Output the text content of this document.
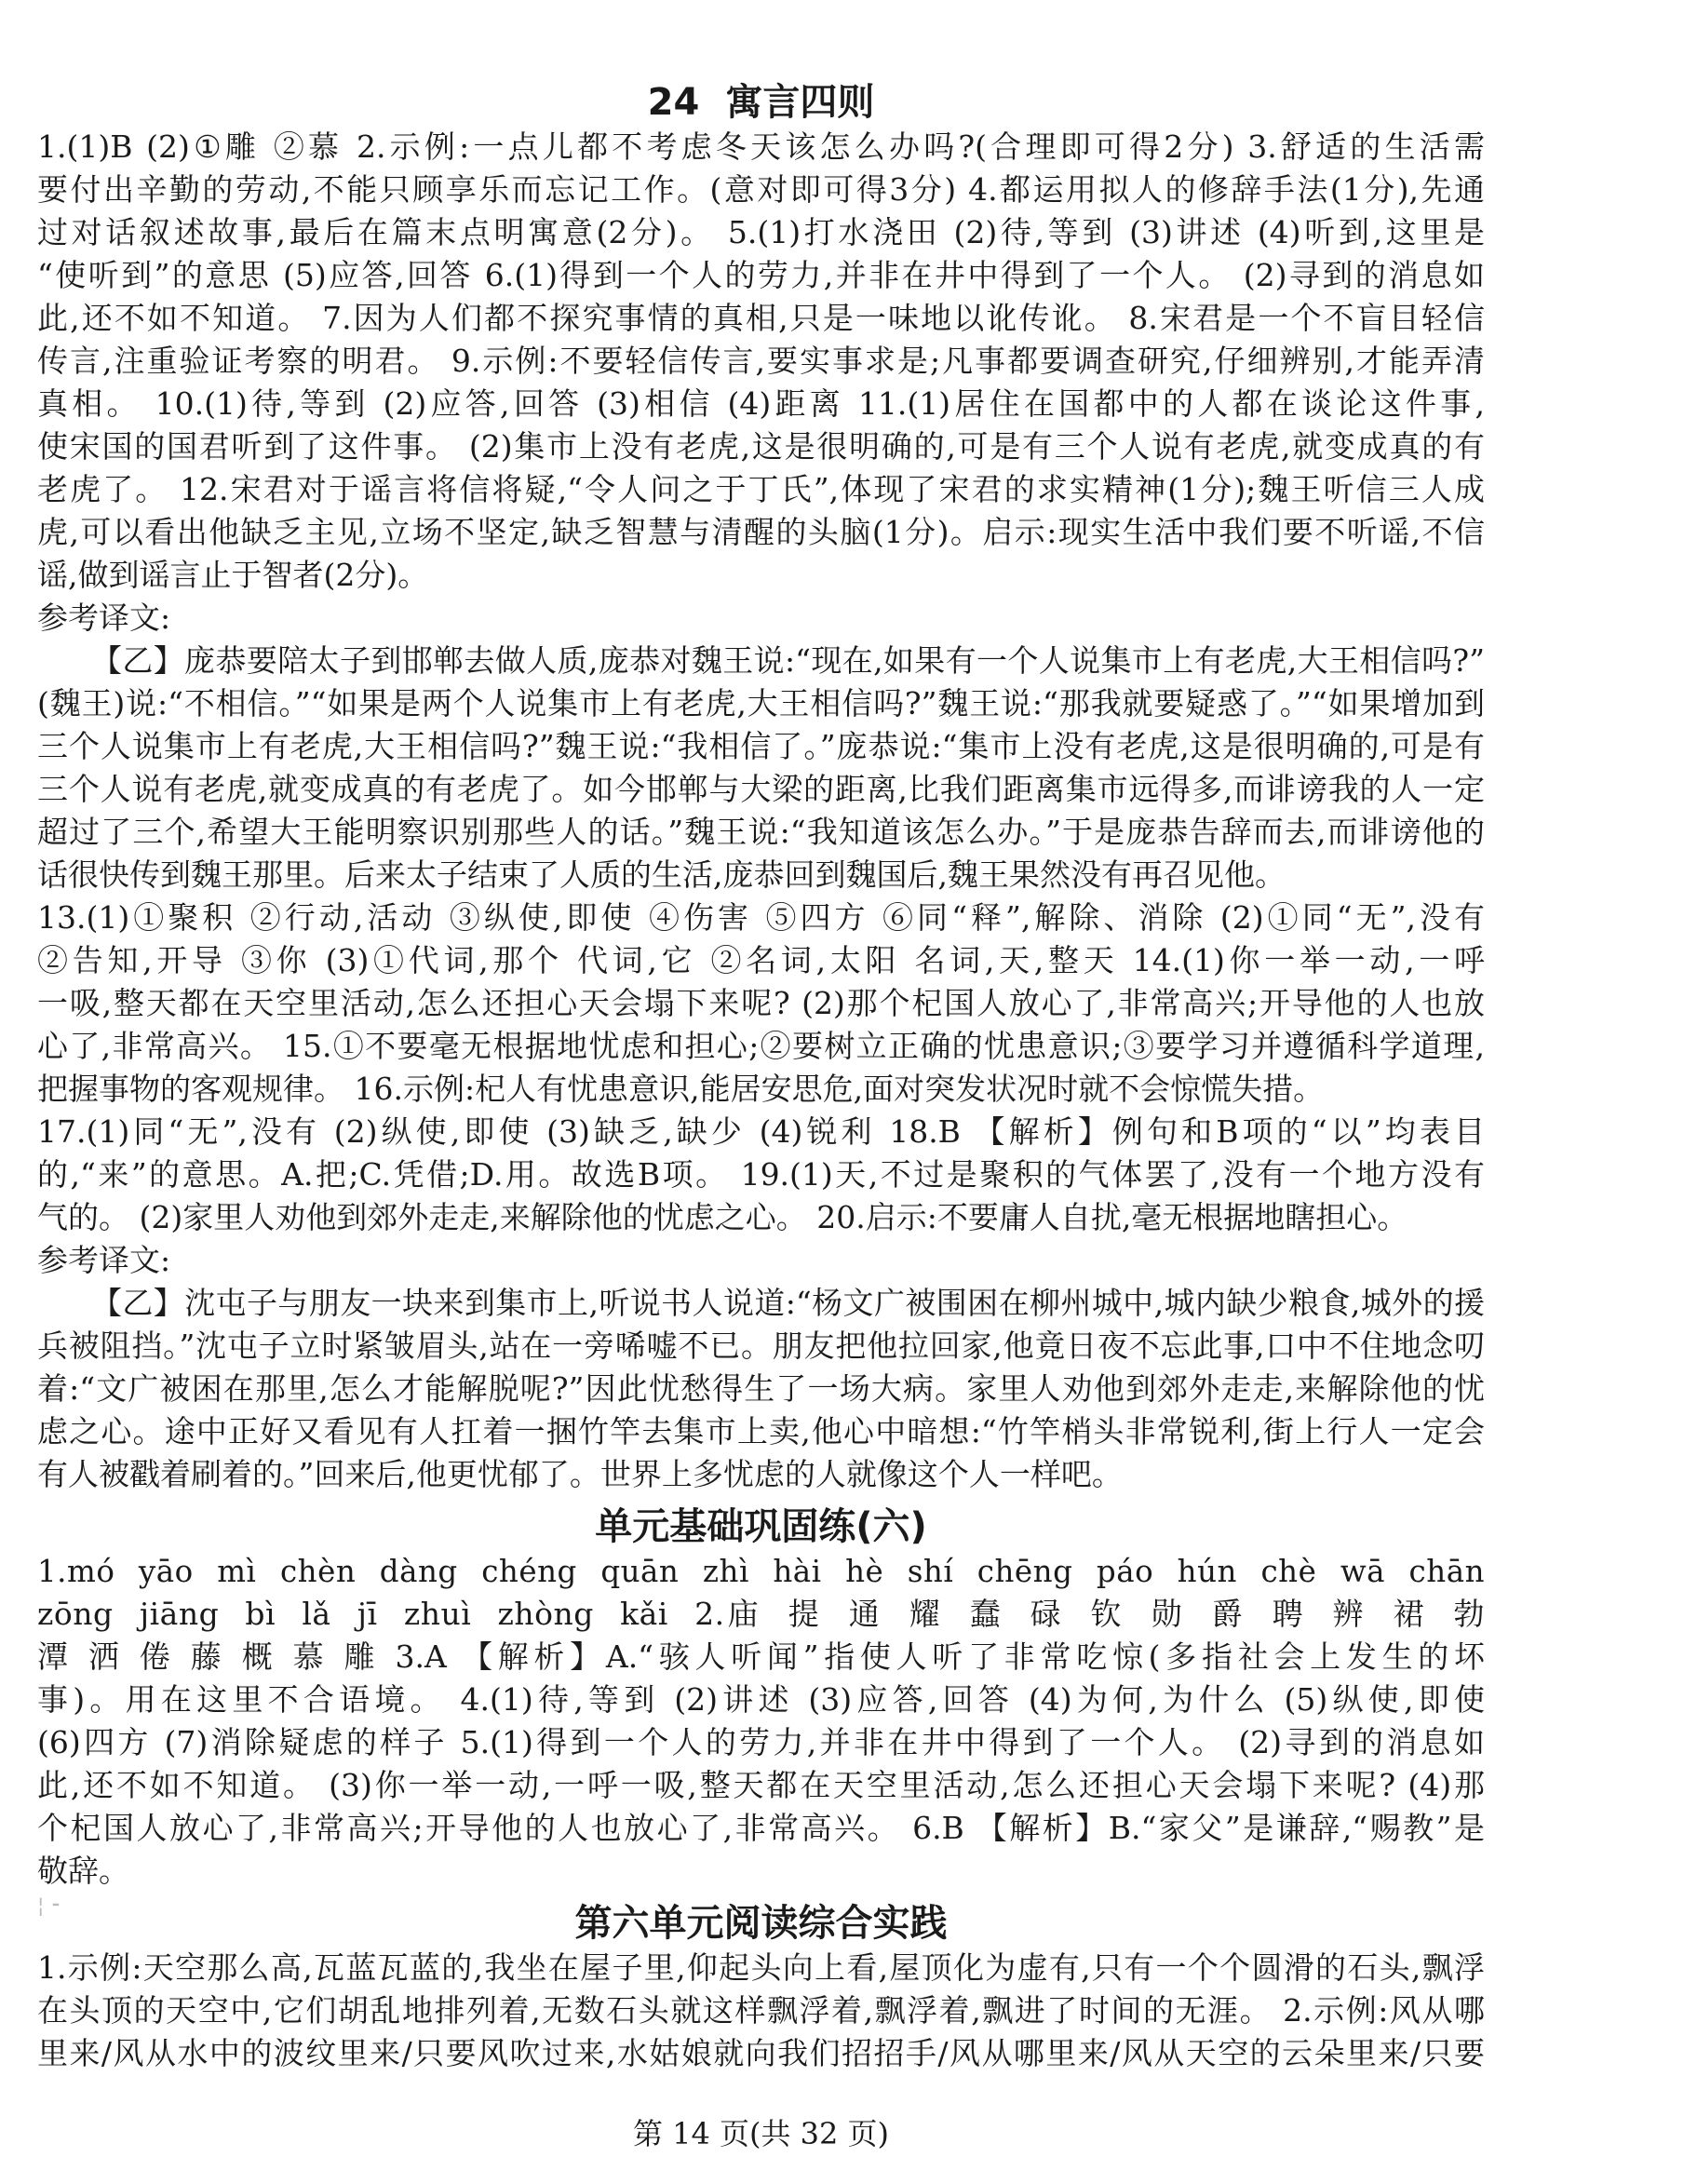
24 寓言四则

1.(1)B (2)①雕 ②慕 2.示例:一点儿都不考虑冬天该怎么办吗?(合理即可得2分) 3.舒适的生活需

要付出辛勤的劳动,不能只顾享乐而忘记工作。(意对即可得3分) 4.都运用拟人的修辞手法(1分),先通

过对话叙述故事,最后在篇末点明寓意(2分)。 5.(1)打水浇田 (2)待,等到 (3)讲述 (4)听到,这里是

“使听到”的意思 (5)应答,回答 6.(1)得到一个人的劳力,并非在井中得到了一个人。 (2)寻到的消息如

此,还不如不知道。 7.因为人们都不探究事情的真相,只是一味地以讹传讹。 8.宋君是一个不盲目轻信

传言,注重验证考察的明君。 9.示例:不要轻信传言,要实事求是;凡事都要调查研究,仔细辨别,才能弄清

真相。 10.(1)待,等到 (2)应答,回答 (3)相信 (4)距离 11.(1)居住在国都中的人都在谈论这件事,

使宋国的国君听到了这件事。 (2)集市上没有老虎,这是很明确的,可是有三个人说有老虎,就变成真的有

老虎了。 12.宋君对于谣言将信将疑,“令人问之于丁氏”,体现了宋君的求实精神(1分);魏王听信三人成

虎,可以看出他缺乏主见,立场不坚定,缺乏智慧与清醒的头脑(1分)。启示:现实生活中我们要不听谣,不信

谣,做到谣言止于智者(2分)。

参考译文:

【乙】庞恭要陪太子到邯郸去做人质,庞恭对魏王说:“现在,如果有一个人说集市上有老虎,大王相信吗?”

(魏王)说:“不相信。”“如果是两个人说集市上有老虎,大王相信吗?”魏王说:“那我就要疑惑了。”“如果增加到

三个人说集市上有老虎,大王相信吗?”魏王说:“我相信了。”庞恭说:“集市上没有老虎,这是很明确的,可是有

三个人说有老虎,就变成真的有老虎了。如今邯郸与大梁的距离,比我们距离集市远得多,而诽谤我的人一定

超过了三个,希望大王能明察识别那些人的话。”魏王说:“我知道该怎么办。”于是庞恭告辞而去,而诽谤他的

话很快传到魏王那里。后来太子结束了人质的生活,庞恭回到魏国后,魏王果然没有再召见他。

13.(1)①聚积 ②行动,活动 ③纵使,即使 ④伤害 ⑤四方 ⑥同“释”,解除、消除 (2)①同“无”,没有

②告知,开导 ③你 (3)①代词,那个 代词,它 ②名词,太阳 名词,天,整天 14.(1)你一举一动,一呼

一吸,整天都在天空里活动,怎么还担心天会塌下来呢? (2)那个杞国人放心了,非常高兴;开导他的人也放

心了,非常高兴。 15.①不要毫无根据地忧虑和担心;②要树立正确的忧患意识;③要学习并遵循科学道理,

把握事物的客观规律。 16.示例:杞人有忧患意识,能居安思危,面对突发状况时就不会惊慌失措。

17.(1)同“无”,没有 (2)纵使,即使 (3)缺乏,缺少 (4)锐利 18.B 【解析】例句和B项的“以”均表目

的,“来”的意思。A.把;C.凭借;D.用。故选B项。 19.(1)天,不过是聚积的气体罢了,没有一个地方没有

气的。 (2)家里人劝他到郊外走走,来解除他的忧虑之心。 20.启示:不要庸人自扰,毫无根据地瞎担心。

参考译文:

【乙】沈屯子与朋友一块来到集市上,听说书人说道:“杨文广被围困在柳州城中,城内缺少粮食,城外的援

兵被阻挡。”沈屯子立时紧皱眉头,站在一旁唏嘘不已。朋友把他拉回家,他竟日夜不忘此事,口中不住地念叨

着:“文广被困在那里,怎么才能解脱呢?”因此忧愁得生了一场大病。家里人劝他到郊外走走,来解除他的忧

虑之心。途中正好又看见有人扛着一捆竹竿去集市上卖,他心中暗想:“竹竿梢头非常锐利,街上行人一定会

有人被戳着刷着的。”回来后,他更忧郁了。世界上多忧虑的人就像这个人一样吧。

单元基础巩固练(六)

1.mó yāo mì chèn dàng chéng quān zhì hài hè shí chēng páo hún chè wā chān

zōng jiāng bì lǎ jī zhuì zhòng kǎi 2.庙 提 通 耀 蠢 碌 钦 勋 爵 聘 辨 裙 勃

潭 洒 倦 藤 概 慕 雕 3.A 【解析】A.“骇人听闻”指使人听了非常吃惊(多指社会上发生的坏

事)。用在这里不合语境。 4.(1)待,等到 (2)讲述 (3)应答,回答 (4)为何,为什么 (5)纵使,即使

(6)四方 (7)消除疑虑的样子 5.(1)得到一个人的劳力,并非在井中得到了一个人。 (2)寻到的消息如

此,还不如不知道。 (3)你一举一动,一呼一吸,整天都在天空里活动,怎么还担心天会塌下来呢? (4)那

个杞国人放心了,非常高兴;开导他的人也放心了,非常高兴。 6.B 【解析】B.“家父”是谦辞,“赐教”是

敬辞。

¦ ⁃	第六单元阅读综合实践

1.示例:天空那么高,瓦蓝瓦蓝的,我坐在屋子里,仰起头向上看,屋顶化为虚有,只有一个个圆滑的石头,飘浮

在头顶的天空中,它们胡乱地排列着,无数石头就这样飘浮着,飘浮着,飘进了时间的无涯。 2.示例:风从哪

里来/风从水中的波纹里来/只要风吹过来,水姑娘就向我们招招手/风从哪里来/风从天空的云朵里来/只要

第 14 页(共 32 页)
